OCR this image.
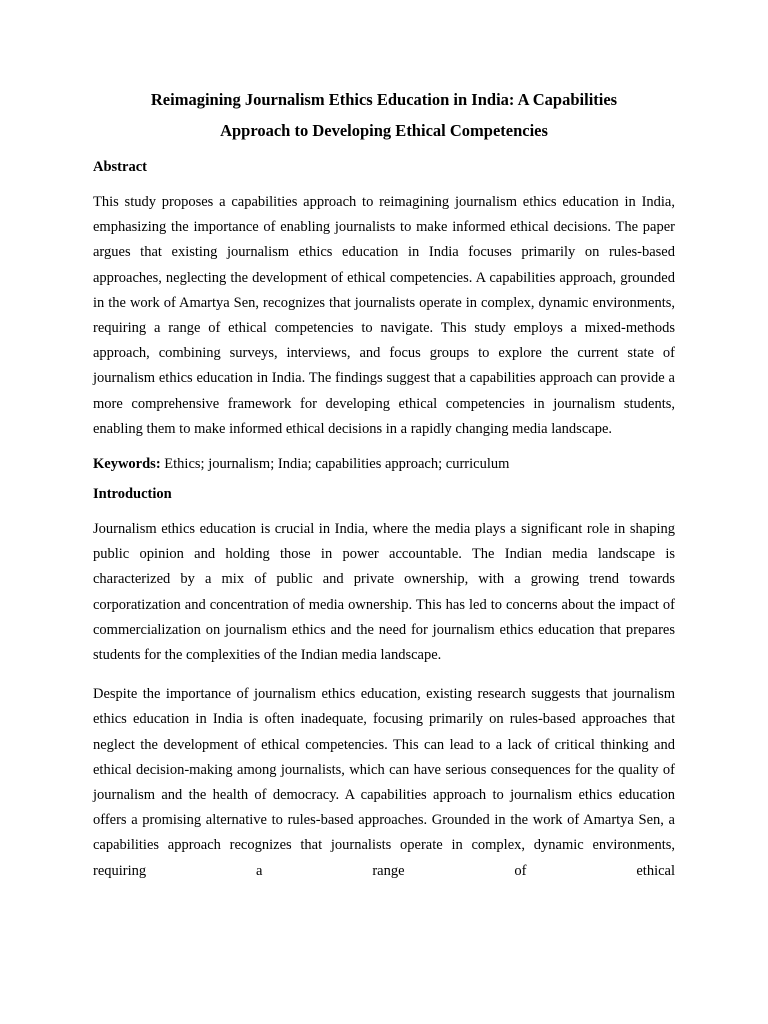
Reimagining Journalism Ethics Education in India: A Capabilities
Approach to Developing Ethical Competencies
Abstract

This study proposes a capabilities approach to reimagining journalism ethics education in India, emphasizing the importance of enabling journalists to make informed ethical decisions. The paper argues that existing journalism ethics education in India focuses primarily on rules-based approaches, neglecting the development of ethical competencies. A capabilities approach, grounded in the work of Amartya Sen, recognizes that journalists operate in complex, dynamic environments, requiring a range of ethical competencies to navigate. This study employs a mixed-methods approach, combining surveys, interviews, and focus groups to explore the current state of journalism ethics education in India. The findings suggest that a capabilities approach can provide a more comprehensive framework for developing ethical competencies in journalism students, enabling them to make informed ethical decisions in a rapidly changing media landscape.

Keywords: Ethics; journalism; India; capabilities approach; curriculum

Introduction

Journalism ethics education is crucial in India, where the media plays a significant role in shaping public opinion and holding those in power accountable. The Indian media landscape is characterized by a mix of public and private ownership, with a growing trend towards corporatization and concentration of media ownership. This has led to concerns about the impact of commercialization on journalism ethics and the need for journalism ethics education that prepares students for the complexities of the Indian media landscape.

Despite the importance of journalism ethics education, existing research suggests that journalism ethics education in India is often inadequate, focusing primarily on rules-based approaches that neglect the development of ethical competencies. This can lead to a lack of critical thinking and ethical decision-making among journalists, which can have serious consequences for the quality of journalism and the health of democracy. A capabilities approach to journalism ethics education offers a promising alternative to rules-based approaches. Grounded in the work of Amartya Sen, a capabilities approach recognizes that journalists operate in complex, dynamic environments, requiring a range of ethical
